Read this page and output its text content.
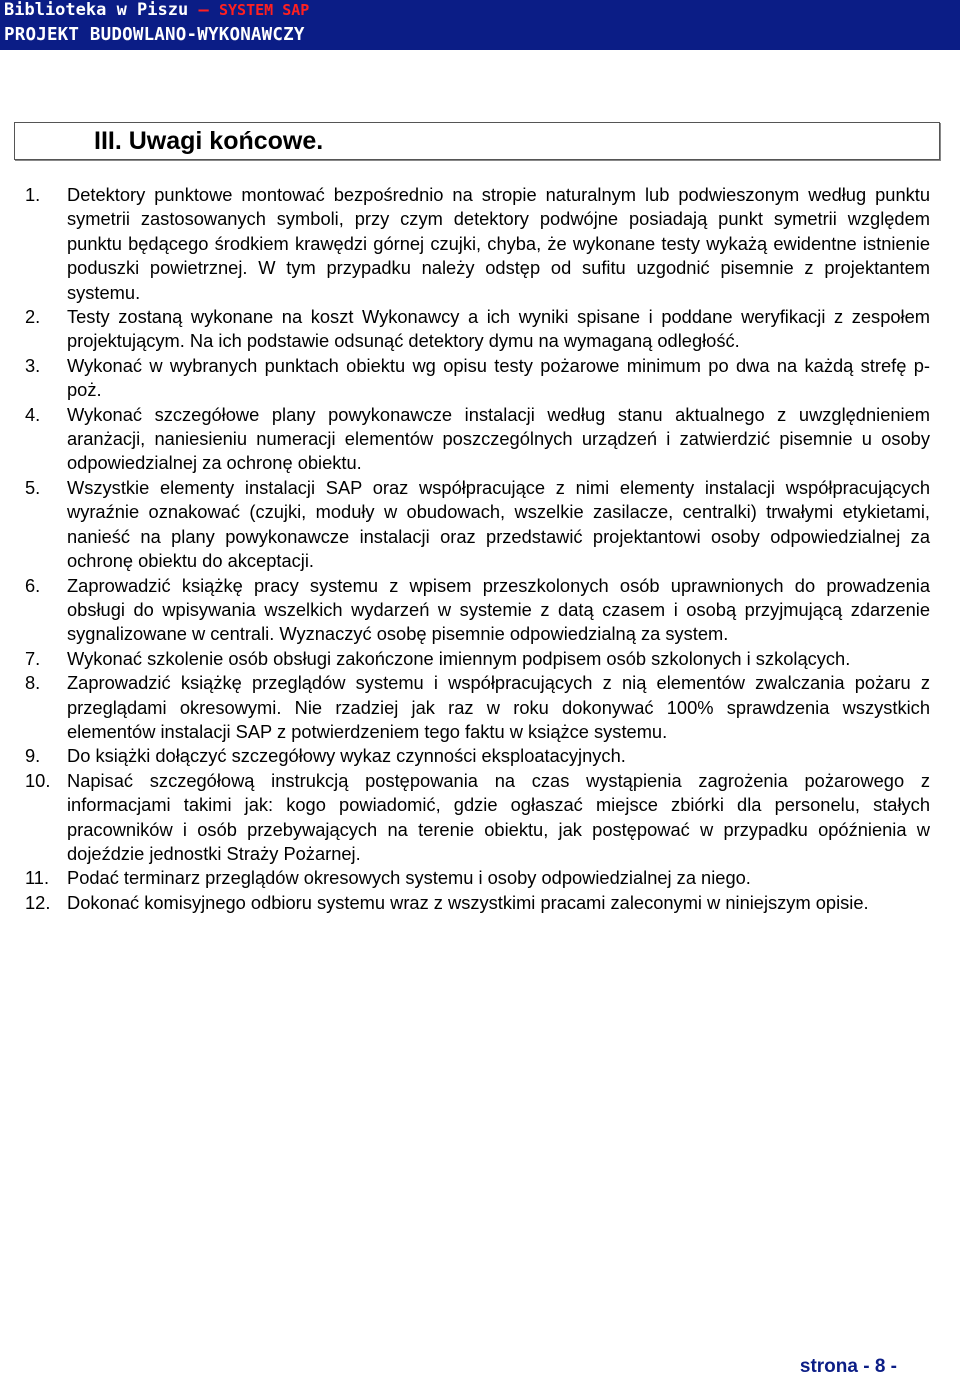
Biblioteka w Piszu – SYSTEM SAP
PROJEKT BUDOWLANO-WYKONAWCZY
III. Uwagi końcowe.
1.	Detektory punktowe montować bezpośrednio na stropie naturalnym lub podwieszonym według punktu symetrii zastosowanych symboli, przy czym detektory podwójne posiadają punkt symetrii względem punktu będącego środkiem krawędzi górnej czujki, chyba, że wykonane testy wykażą ewidentne istnienie poduszki powietrznej. W tym przypadku należy odstęp od sufitu uzgodnić pisemnie z projektantem systemu.
2.	Testy zostaną wykonane na koszt Wykonawcy a ich wyniki spisane i poddane weryfikacji z zespołem projektującym. Na ich podstawie odsunąć detektory dymu na wymaganą odległość.
3.	Wykonać w wybranych punktach obiektu wg opisu testy pożarowe minimum po dwa na każdą strefę p-poż.
4.	Wykonać szczegółowe plany powykonawcze instalacji według stanu aktualnego z uwzględnieniem aranżacji, naniesieniu numeracji elementów poszczególnych urządzeń i zatwierdzić pisemnie u osoby odpowiedzialnej za ochronę obiektu.
5.	Wszystkie elementy instalacji SAP oraz współpracujące z nimi elementy instalacji współpracujących wyraźnie oznakować (czujki, moduły w obudowach, wszelkie zasilacze, centralki) trwałymi etykietami, nanieść na plany powykonawcze instalacji oraz przedstawić projektantowi osoby odpowiedzialnej za ochronę obiektu do akceptacji.
6.	Zaprowadzić książkę pracy systemu z wpisem przeszkolonych osób uprawnionych do prowadzenia obsługi do wpisywania wszelkich wydarzeń w systemie z datą czasem i osobą przyjmującą zdarzenie sygnalizowane w centrali. Wyznaczyć osobę pisemnie odpowiedzialną za system.
7.	Wykonać szkolenie osób obsługi zakończone imiennym podpisem osób szkolonych i szkolących.
8.	Zaprowadzić książkę przeglądów systemu i współpracujących z nią elementów zwalczania pożaru z przeglądami okresowymi. Nie rzadziej jak raz w roku dokonywać 100% sprawdzenia wszystkich elementów instalacji SAP z potwierdzeniem tego faktu w książce systemu.
9.	Do książki dołączyć szczegółowy wykaz czynności eksploatacyjnych.
10. Napisać szczegółową instrukcją postępowania na czas wystąpienia zagrożenia pożarowego z informacjami takimi jak: kogo powiadomić, gdzie ogłaszać miejsce zbiórki dla personelu, stałych pracowników i osób przebywających na terenie obiektu, jak postępować w przypadku opóźnienia w dojeździe jednostki Straży Pożarnej.
11. Podać terminarz przeglądów okresowych systemu i osoby odpowiedzialnej za niego.
12. Dokonać komisyjnego odbioru systemu wraz z wszystkimi pracami zaleconymi w niniejszym opisie.
strona - 8 -
